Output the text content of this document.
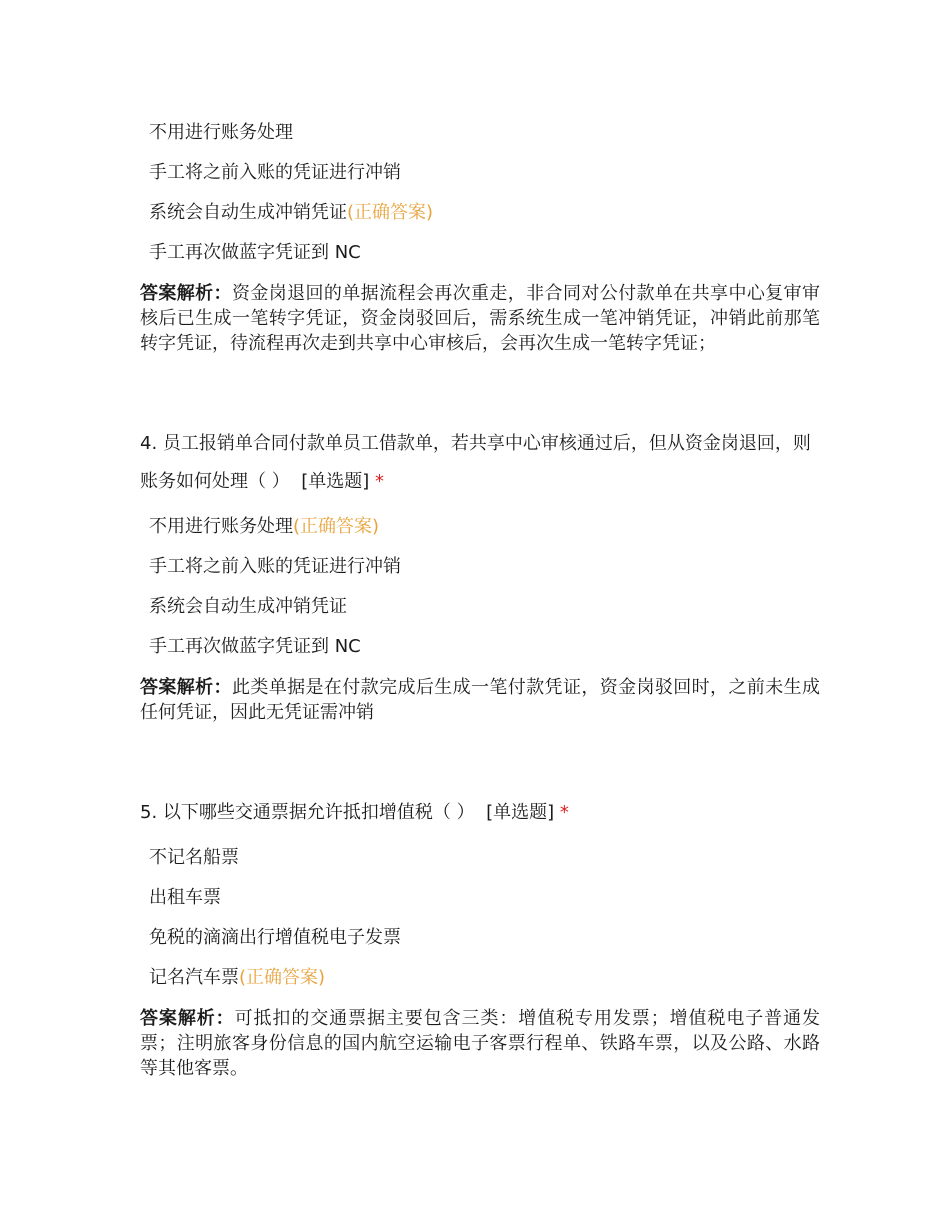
不用进行账务处理
手工将之前入账的凭证进行冲销
系统会自动生成冲销凭证(正确答案)
手工再次做蓝字凭证到 NC
答案解析：资金岗退回的单据流程会再次重走，非合同对公付款单在共享中心复审审核后已生成一笔转字凭证，资金岗驳回后，需系统生成一笔冲销凭证，冲销此前那笔转字凭证，待流程再次走到共享中心审核后，会再次生成一笔转字凭证；
4. 员工报销单合同付款单员工借款单，若共享中心审核通过后，但从资金岗退回，则账务如何处理（ ） [单选题] *
不用进行账务处理(正确答案)
手工将之前入账的凭证进行冲销
系统会自动生成冲销凭证
手工再次做蓝字凭证到 NC
答案解析：此类单据是在付款完成后生成一笔付款凭证，资金岗驳回时，之前未生成任何凭证，因此无凭证需冲销
5. 以下哪些交通票据允许抵扣增值税（ ） [单选题] *
不记名船票
出租车票
免税的滴滴出行增值税电子发票
记名汽车票(正确答案)
答案解析：可抵扣的交通票据主要包含三类：增值税专用发票；增值税电子普通发票；注明旅客身份信息的国内航空运输电子客票行程单、铁路车票，以及公路、水路等其他客票。
